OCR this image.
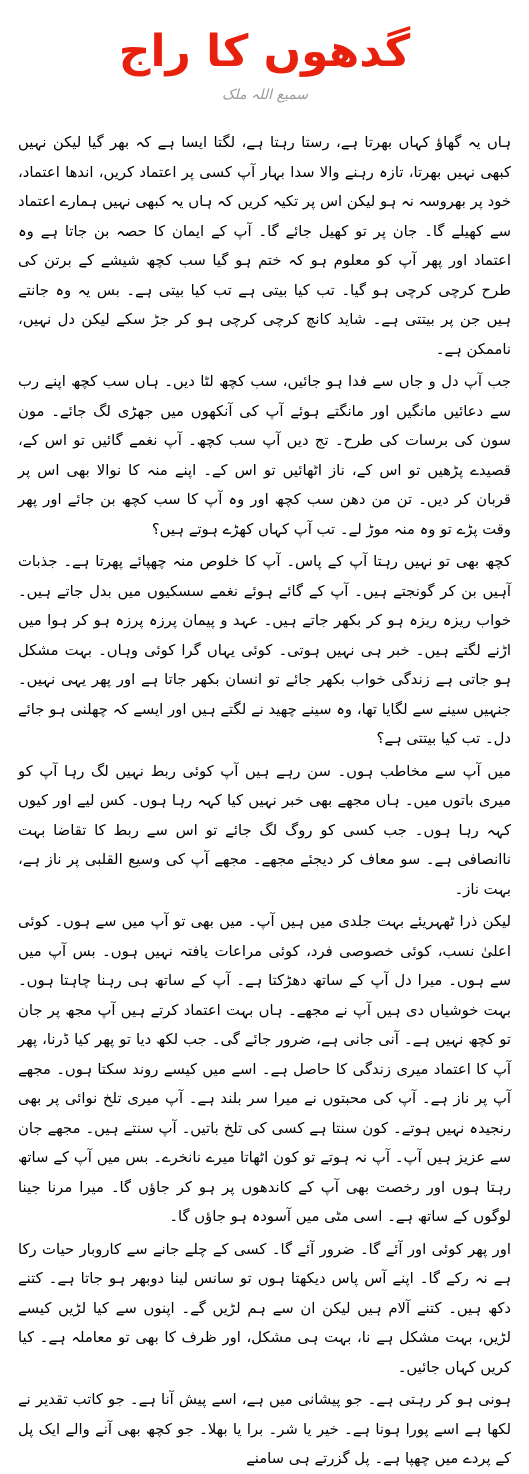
گدھوں کا راج
سمیع اللہ ملک

ہاں یہ گھاؤ کہاں بھرتا ہے، رستا رہتا ہے، لگتا ایسا ہے کہ بھر گیا لیکن نہیں کبھی نہیں بھرتا، تازہ رہنے والا سدا بہار آپ کسی پر اعتماد کریں، اندھا اعتماد، خود پر بھروسہ نہ ہو لیکن اس پر تکیہ کریں کہ ہاں یہ کبھی نہیں ہمارے اعتماد سے کھیلے گا۔ جان پر تو کھیل جائے گا۔ آپ کے ایمان کا حصہ بن جاتا ہے وہ اعتماد اور پھر آپ کو معلوم ہو کہ ختم ہو گیا سب کچھ شیشے کے برتن کی طرح کرچی کرچی ہو گیا۔ تب کیا بیتی ہے تب کیا بیتی ہے۔ بس یہ وہ جانتے ہیں جن پر بیتتی ہے۔ شاید کانچ کرچی کرچی ہو کر جڑ سکے لیکن دل نہیں، ناممکن ہے۔

جب آپ دل و جاں سے فدا ہو جائیں، سب کچھ لٹا دیں۔ ہاں سب کچھ اپنے رب سے دعائیں مانگیں اور مانگتے ہوئے آپ کی آنکھوں میں جھڑی لگ جائے۔ مون سون کی برسات کی طرح۔ تج دیں آپ سب کچھ۔ آپ نغمے گائیں تو اس کے، قصیدے پڑھیں تو اس کے، ناز اٹھائیں تو اس کے۔ اپنے منہ کا نوالا بھی اس پر قربان کر دیں۔ تن من دھن سب کچھ اور وہ آپ کا سب کچھ بن جائے اور پھر وقت پڑے تو وہ منہ موڑ لے۔ تب آپ کہاں کھڑے ہوتے ہیں؟

کچھ بھی تو نہیں رہتا آپ کے پاس۔ آپ کا خلوص منہ چھپائے پھرتا ہے۔ جذبات آہیں بن کر گونجتے ہیں۔ آپ کے گائے ہوئے نغمے سسکیوں میں بدل جاتے ہیں۔ خواب ریزہ ریزہ ہو کر بکھر جاتے ہیں۔ عہد و پیمان پرزہ پرزہ ہو کر ہوا میں اڑنے لگتے ہیں۔ خبر ہی نہیں ہوتی۔ کوئی یہاں گرا کوئی وہاں۔ بہت مشکل ہو جاتی ہے زندگی خواب بکھر جائے تو انسان بکھر جاتا ہے اور پھر یہی نہیں۔ جنہیں سینے سے لگایا تھا، وہ سینے چھید نے لگتے ہیں اور ایسے کہ چھلنی ہو جائے دل۔ تب کیا بیتتی ہے؟

میں آپ سے مخاطب ہوں۔ سن رہے ہیں آپ کوئی ربط نہیں لگ رہا آپ کو میری باتوں میں۔ ہاں مجھے بھی خبر نہیں کیا کہہ رہا ہوں۔ کس لیے اور کیوں کہہ رہا ہوں۔ جب کسی کو روگ لگ جائے تو اس سے ربط کا تقاضا بہت ناانصافی ہے۔ سو معاف کر دیجئے مجھے۔ مجھے آپ کی وسیع القلبی پر ناز ہے، بہت ناز۔

لیکن ذرا ٹھہریئے بہت جلدی میں ہیں آپ۔ میں بھی تو آپ میں سے ہوں۔ کوئی اعلیٰ نسب، کوئی خصوصی فرد، کوئی مراعات یافتہ نہیں ہوں۔ بس آپ میں سے ہوں۔ میرا دل آپ کے ساتھ دھڑکتا ہے۔ آپ کے ساتھ ہی رہنا چاہتا ہوں۔ بہت خوشیاں دی ہیں آپ نے مجھے۔ ہاں بہت اعتماد کرتے ہیں آپ مجھ پر جان تو کچھ نہیں ہے۔ آنی جانی ہے، ضرور جائے گی۔ جب لکھ دیا تو پھر کیا ڈرنا، پھر آپ کا اعتماد میری زندگی کا حاصل ہے۔ اسے میں کیسے روند سکتا ہوں۔ مجھے آپ پر ناز ہے۔ آپ کی محبتوں نے میرا سر بلند ہے۔ آپ میری تلخ نوائی پر بھی رنجیدہ نہیں ہوتے۔ کون سنتا ہے کسی کی تلخ باتیں۔ آپ سنتے ہیں۔ مجھے جان سے عزیز ہیں آپ۔ آپ نہ ہوتے تو کون اٹھاتا میرے نانخرے۔ بس میں آپ کے ساتھ رہتا ہوں اور رخصت بھی آپ کے کاندھوں پر ہو کر جاؤں گا۔ میرا مرنا جینا لوگوں کے ساتھ ہے۔ اسی مٹی میں آسودہ ہو جاؤں گا۔

اور پھر کوئی اور آئے گا۔ ضرور آئے گا۔ کسی کے چلے جانے سے کاروبار حیات رکا ہے نہ رکے گا۔ اپنے آس پاس دیکھتا ہوں تو سانس لینا دوبھر ہو جاتا ہے۔ کتنے دکھ ہیں۔ کتنے آلام ہیں لیکن ان سے ہم لڑیں گے۔ اپنوں سے کیا لڑیں کیسے لڑیں، بہت مشکل ہے نا، بہت ہی مشکل، اور ظرف کا بھی تو معاملہ ہے۔ کیا کریں کہاں جائیں۔

ہونی ہو کر رہتی ہے۔ جو پیشانی میں ہے، اسے پیش آنا ہے۔ جو کاتب تقدیر نے لکھا ہے اسے پورا ہونا ہے۔ خیر یا شر۔ برا یا بھلا۔ جو کچھ بھی آنے والے ایک پل کے پردے میں چھپا ہے۔ پل گزرتے ہی سامنے
